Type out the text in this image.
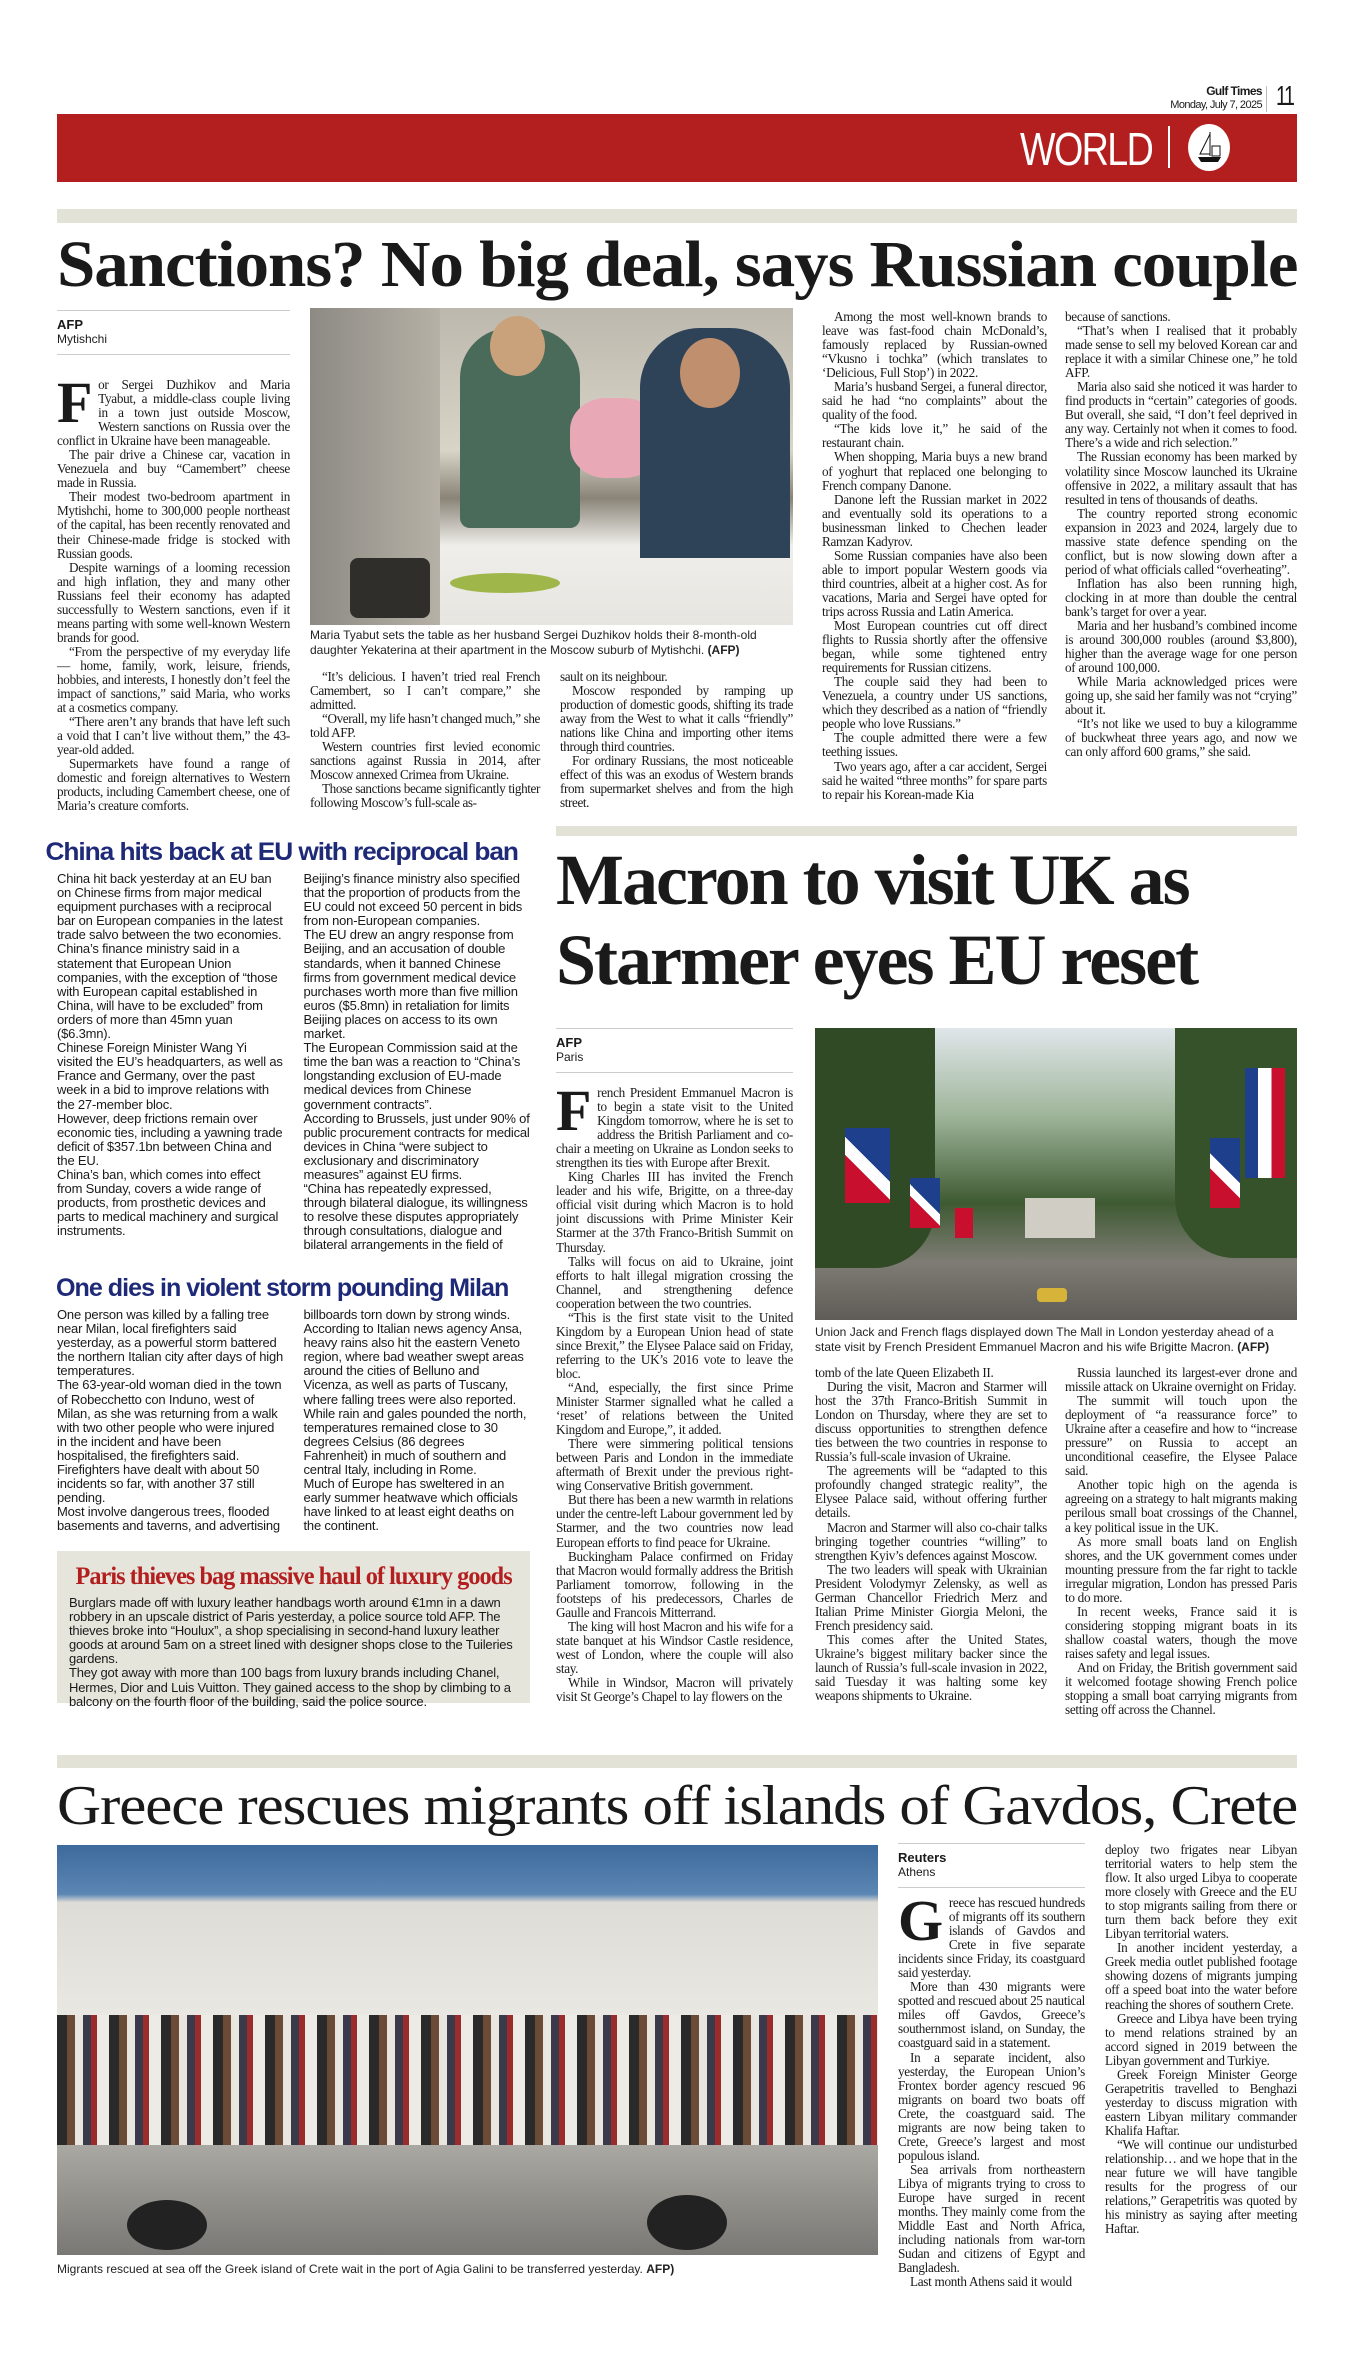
Gulf Times
Monday, July 7, 2025 11
WORLD
Sanctions? No big deal, says Russian couple
AFP
Mytishchi

For Sergei Duzhikov and Maria Tyabut, a middle-class couple living in a town just outside Moscow, Western sanctions on Russia over the conflict in Ukraine have been manageable.

The pair drive a Chinese car, vacation in Venezuela and buy “Camembert” cheese made in Russia.

Their modest two-bedroom apartment in Mytishchi, home to 300,000 people northeast of the capital, has been recently renovated and their Chinese-made fridge is stocked with Russian goods.

Despite warnings of a looming recession and high inflation, they and many other Russians feel their economy has adapted successfully to Western sanctions, even if it means parting with some well-known Western brands for good.

“From the perspective of my everyday life — home, family, work, leisure, friends, hobbies, and interests, I honestly don’t feel the impact of sanctions,” said Maria, who works at a cosmetics company.

“There aren’t any brands that have left such a void that I can’t live without them,” the 43-year-old added.

Supermarkets have found a range of domestic and foreign alternatives to Western products, including Camembert cheese, one of Maria’s creature comforts.

Maria Tyabut sets the table as her husband Sergei Duzhikov holds their 8-month-old daughter Yekaterina at their apartment in the Moscow suburb of Mytishchi. (AFP)

“It’s delicious. I haven’t tried real French Camembert, so I can’t compare,” she admitted.

“Overall, my life hasn’t changed much,” she told AFP.

Western countries first levied economic sanctions against Russia in 2014, after Moscow annexed Crimea from Ukraine.

Those sanctions became significantly tighter following Moscow’s full-scale as-

sault on its neighbour.

Moscow responded by ramping up production of domestic goods, shifting its trade away from the West to what it calls “friendly” nations like China and importing other items through third countries.

For ordinary Russians, the most noticeable effect of this was an exodus of Western brands from supermarket shelves and from the high street.

Among the most well-known brands to leave was fast-food chain McDonald’s, famously replaced by Russian-owned “Vkusno i tochka” (which translates to ‘Delicious, Full Stop’) in 2022.

Maria’s husband Sergei, a funeral director, said he had “no complaints” about the quality of the food.

“The kids love it,” he said of the restaurant chain.

When shopping, Maria buys a new brand of yoghurt that replaced one belonging to French company Danone.

Danone left the Russian market in 2022 and eventually sold its operations to a businessman linked to Chechen leader Ramzan Kadyrov.

Some Russian companies have also been able to import popular Western goods via third countries, albeit at a higher cost. As for vacations, Maria and Sergei have opted for trips across Russia and Latin America.

Most European countries cut off direct flights to Russia shortly after the offensive began, while some tightened entry requirements for Russian citizens.

The couple said they had been to Venezuela, a country under US sanctions, which they described as a nation of “friendly people who love Russians.”

The couple admitted there were a few teething issues.

Two years ago, after a car accident, Sergei said he waited “three months” for spare parts to repair his Korean-made Kia

because of sanctions.

“That’s when I realised that it probably made sense to sell my beloved Korean car and replace it with a similar Chinese one,” he told AFP.

Maria also said she noticed it was harder to find products in “certain” categories of goods. But overall, she said, “I don’t feel deprived in any way. Certainly not when it comes to food. There’s a wide and rich selection.”

The Russian economy has been marked by volatility since Moscow launched its Ukraine offensive in 2022, a military assault that has resulted in tens of thousands of deaths.

The country reported strong economic expansion in 2023 and 2024, largely due to massive state defence spending on the conflict, but is now slowing down after a period of what officials called “overheating”.

Inflation has also been running high, clocking in at more than double the central bank’s target for over a year.

Maria and her husband’s combined income is around 300,000 roubles (around $3,800), higher than the average wage for one person of around 100,000.

While Maria acknowledged prices were going up, she said her family was not “crying” about it.

“It’s not like we used to buy a kilogramme of buckwheat three years ago, and now we can only afford 600 grams,” she said.

China hits back at EU with reciprocal ban

China hit back yesterday at an EU ban on Chinese firms from major medical equipment purchases with a reciprocal bar on European companies in the latest trade salvo between the two economies.

China’s finance ministry said in a statement that European Union companies, with the exception of “those with European capital established in China, will have to be excluded” from orders of more than 45mn yuan ($6.3mn).

Chinese Foreign Minister Wang Yi visited the EU’s headquarters, as well as France and Germany, over the past week in a bid to improve relations with the 27-member bloc.

However, deep frictions remain over economic ties, including a yawning trade deficit of $357.1bn between China and the EU.

China’s ban, which comes into effect from Sunday, covers a wide range of products, from prosthetic devices and parts to medical machinery and surgical instruments.

Beijing’s finance ministry also specified that the proportion of products from the EU could not exceed 50 percent in bids from non-European companies.

The EU drew an angry response from Beijing, and an accusation of double standards, when it banned Chinese firms from government medical device purchases worth more than five million euros ($5.8mn) in retaliation for limits Beijing places on access to its own market.

The European Commission said at the time the ban was a reaction to “China’s longstanding exclusion of EU-made medical devices from Chinese government contracts”.

According to Brussels, just under 90% of public procurement contracts for medical devices in China “were subject to exclusionary and discriminatory measures” against EU firms.

“China has repeatedly expressed, through bilateral dialogue, its willingness to resolve these disputes appropriately through consultations, dialogue and bilateral arrangements in the field of

One dies in violent storm pounding Milan

One person was killed by a falling tree near Milan, local firefighters said yesterday, as a powerful storm battered the northern Italian city after days of high temperatures.

The 63-year-old woman died in the town of Robecchetto con Induno, west of Milan, as she was returning from a walk with two other people who were injured in the incident and have been hospitalised, the firefighters said.

Firefighters have dealt with about 50 incidents so far, with another 37 still pending.

Most involve dangerous trees, flooded basements and taverns, and advertising billboards torn down by strong winds.

According to Italian news agency Ansa, heavy rains also hit the eastern Veneto region, where bad weather swept areas around the cities of Belluno and Vicenza, as well as parts of Tuscany, where falling trees were also reported.

While rain and gales pounded the north, temperatures remained close to 30 degrees Celsius (86 degrees Fahrenheit) in much of southern and central Italy, including in Rome.

Much of Europe has sweltered in an early summer heatwave which officials have linked to at least eight deaths on the continent.

Paris thieves bag massive haul of luxury goods

Burglars made off with luxury leather handbags worth around €1mn in a dawn robbery in an upscale district of Paris yesterday, a police source told AFP. The thieves broke into “Houlux”, a shop specialising in second-hand luxury leather goods at around 5am on a street lined with designer shops close to the Tuileries gardens.

They got away with more than 100 bags from luxury brands including Chanel, Hermes, Dior and Luis Vuitton. They gained access to the shop by climbing to a balcony on the fourth floor of the building, said the police source.

Macron to visit UK as Starmer eyes EU reset
AFP
Paris

French President Emmanuel Macron is to begin a state visit to the United Kingdom tomorrow, where he is set to address the British Parliament and co-chair a meeting on Ukraine as London seeks to strengthen its ties with Europe after Brexit.

King Charles III has invited the French leader and his wife, Brigitte, on a three-day official visit during which Macron is to hold joint discussions with Prime Minister Keir Starmer at the 37th Franco-British Summit on Thursday.

Talks will focus on aid to Ukraine, joint efforts to halt illegal migration crossing the Channel, and strengthening defence cooperation between the two countries.

“This is the first state visit to the United Kingdom by a European Union head of state since Brexit,” the Elysee Palace said on Friday, referring to the UK’s 2016 vote to leave the bloc.

“And, especially, the first since Prime Minister Starmer signalled what he called a ‘reset’ of relations between the United Kingdom and Europe,”, it added.

There were simmering political tensions between Paris and London in the immediate aftermath of Brexit under the previous right-wing Conservative British government.

But there has been a new warmth in relations under the centre-left Labour government led by Starmer, and the two countries now lead European efforts to find peace for Ukraine.

Buckingham Palace confirmed on Friday that Macron would formally address the British Parliament tomorrow, following in the footsteps of his predecessors, Charles de Gaulle and Francois Mitterrand.

The king will host Macron and his wife for a state banquet at his Windsor Castle residence, west of London, where the couple will also stay.

While in Windsor, Macron will privately visit St George’s Chapel to lay flowers on the

Union Jack and French flags displayed down The Mall in London yesterday ahead of a state visit by French President Emmanuel Macron and his wife Brigitte Macron. (AFP)

tomb of the late Queen Elizabeth II.

During the visit, Macron and Starmer will host the 37th Franco-British Summit in London on Thursday, where they are set to discuss opportunities to strengthen defence ties between the two countries in response to Russia’s full-scale invasion of Ukraine.

The agreements will be “adapted to this profoundly changed strategic reality”, the Elysee Palace said, without offering further details.

Macron and Starmer will also co-chair talks bringing together countries “willing” to strengthen Kyiv’s defences against Moscow.

The two leaders will speak with Ukrainian President Volodymyr Zelensky, as well as German Chancellor Friedrich Merz and Italian Prime Minister Giorgia Meloni, the French presidency said.

This comes after the United States, Ukraine’s biggest military backer since the launch of Russia’s full-scale invasion in 2022, said Tuesday it was halting some key weapons shipments to Ukraine.

Russia launched its largest-ever drone and missile attack on Ukraine overnight on Friday.

The summit will touch upon the deployment of “a reassurance force” to Ukraine after a ceasefire and how to “increase pressure” on Russia to accept an unconditional ceasefire, the Elysee Palace said.

Another topic high on the agenda is agreeing on a strategy to halt migrants making perilous small boat crossings of the Channel, a key political issue in the UK.

As more small boats land on English shores, and the UK government comes under mounting pressure from the far right to tackle irregular migration, London has pressed Paris to do more.

In recent weeks, France said it is considering stopping migrant boats in its shallow coastal waters, though the move raises safety and legal issues.

And on Friday, the British government said it welcomed footage showing French police stopping a small boat carrying migrants from setting off across the Channel.

Greece rescues migrants off islands of Gavdos, Crete

Migrants rescued at sea off the Greek island of Crete wait in the port of Agia Galini to be transferred yesterday. AFP)

Reuters
Athens

Greece has rescued hundreds of migrants off its southern islands of Gavdos and Crete in five separate incidents since Friday, its coastguard said yesterday.

More than 430 migrants were spotted and rescued about 25 nautical miles off Gavdos, Greece’s southernmost island, on Sunday, the coastguard said in a statement.

In a separate incident, also yesterday, the European Union’s Frontex border agency rescued 96 migrants on board two boats off Crete, the coastguard said. The migrants are now being taken to Crete, Greece’s largest and most populous island.

Sea arrivals from northeastern Libya of migrants trying to cross to Europe have surged in recent months. They mainly come from the Middle East and North Africa, including nationals from war-torn Sudan and citizens of Egypt and Bangladesh.

Last month Athens said it would

deploy two frigates near Libyan territorial waters to help stem the flow. It also urged Libya to cooperate more closely with Greece and the EU to stop migrants sailing from there or turn them back before they exit Libyan territorial waters.

In another incident yesterday, a Greek media outlet published footage showing dozens of migrants jumping off a speed boat into the water before reaching the shores of southern Crete.

Greece and Libya have been trying to mend relations strained by an accord signed in 2019 between the Libyan government and Turkiye.

Greek Foreign Minister George Gerapetritis travelled to Benghazi yesterday to discuss migration with eastern Libyan military commander Khalifa Haftar.

“We will continue our undisturbed relationship… and we hope that in the near future we will have tangible results for the progress of our relations,” Gerapetritis was quoted by his ministry as saying after meeting Haftar.
